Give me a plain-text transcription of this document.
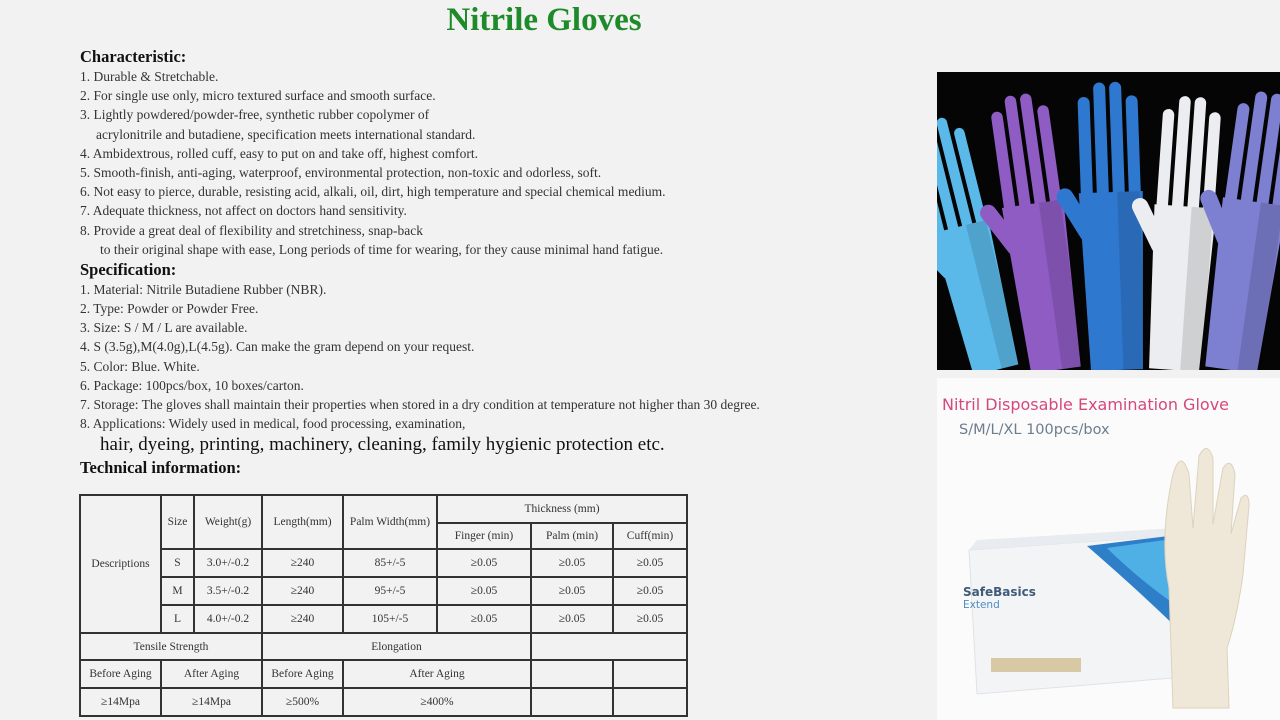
Nitrile Gloves
Characteristic:
1. Durable & Stretchable.
2. For single use only, micro textured surface and smooth surface.
3. Lightly powdered/powder-free, synthetic rubber copolymer of
acrylonitrile and butadiene, specification meets international standard.
4. Ambidextrous, rolled cuff, easy to put on and take off, highest comfort.
5. Smooth-finish, anti-aging, waterproof, environmental protection, non-toxic and odorless, soft.
6. Not easy to pierce, durable, resisting acid, alkali, oil, dirt, high temperature and special chemical medium.
7. Adequate thickness, not affect on doctors hand sensitivity.
8. Provide a great deal of flexibility and stretchiness, snap-back
to their original shape with ease, Long periods of time for wearing, for they cause minimal hand fatigue.
Specification:
1. Material: Nitrile Butadiene Rubber (NBR).
2. Type: Powder or Powder Free.
3. Size: S / M / L are available.
4. S (3.5g),M(4.0g),L(4.5g). Can make the gram depend on your request.
5. Color: Blue. White.
6. Package: 100pcs/box, 10 boxes/carton.
7. Storage: The gloves shall maintain their properties when stored in a dry condition at temperature not higher than 30 degree.
8. Applications: Widely used in medical, food processing, examination,
hair, dyeing, printing, machinery, cleaning, family hygienic protection etc.
Technical information:
Descriptions	Size	Weight(g)	Length(mm)	Palm Width(mm)	Thickness (mm)		
					Finger (min)	Palm (min)	Cuff(min)
	S	3.0+/-0.2	≥240	85+/-5	≥0.05	≥0.05	≥0.05
	M	3.5+/-0.2	≥240	95+/-5	≥0.05	≥0.05	≥0.05
	L	4.0+/-0.2	≥240	105+/-5	≥0.05	≥0.05	≥0.05
Tensile Strength			Elongation				
Before Aging	After Aging		Before Aging	After Aging			
≥14Mpa	≥14Mpa		≥500%	≥400%			
Nitril Disposable Examination Glove
S/M/L/XL 100pcs/box
SafeBasics
Extend
